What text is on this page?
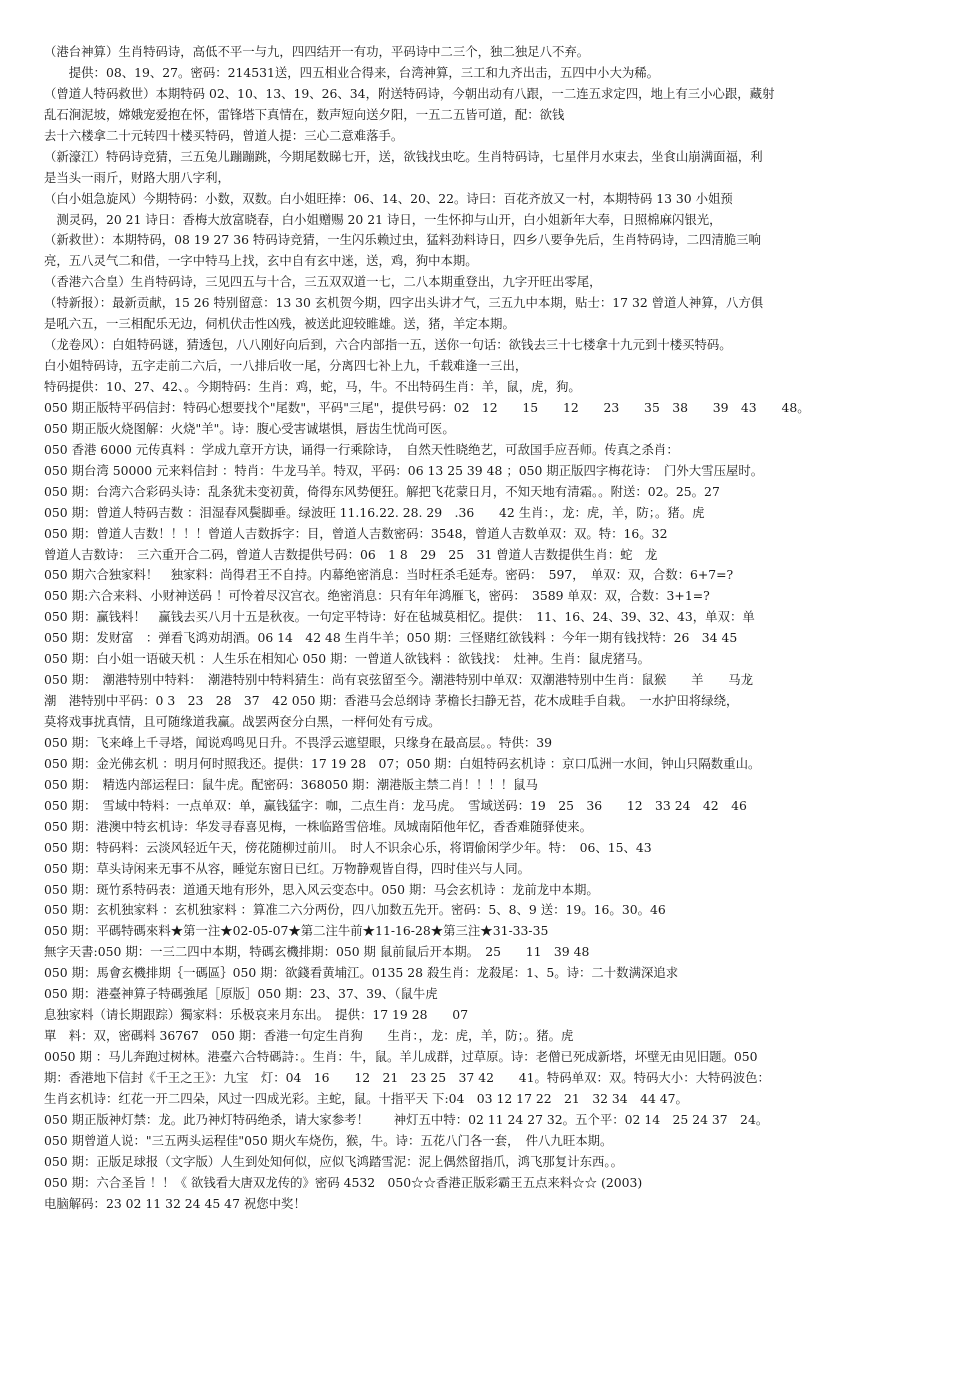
（港台神算）生肖特码诗，高低不平一与九，四四结开一有功，平码诗中二三个，独二独足八不弃。
　　提供：08、19、27。密码：214531送，四五相业合得来，台湾神算，三工和九齐出击，五四中小大为稀。
（曾道人特码救世）本期特码 02、10、13、19、26、34，附送特码诗，今朝出动有八跟，一二连五求定四，地上有三小心跟，藏射
乱石涧泥坡，嫦娥宠爱抱在怀，雷锋塔下真情在，数声短向送夕阳，一五二五皆可道，配：欲钱
去十六楼拿二十元转四十楼买特码，曾道人提：三心二意难落手。
（新濠江）特码诗竞猜，三五兔儿蹦蹦跳，今期尾数睇七开，送，欲钱找虫吃。生肖特码诗，七星伴月水束去，坐食山崩满面福，利
是当头一雨斤，财路大朋八字利，
（白小姐急旋风）今期特码：小数，双数。白小姐旺捧：06、14、20、22。诗曰：百花齐放又一村，本期特码 13 30 小姐预
　测灵码，20 21 诗日：香梅大放富晓春，白小姐赠赐 20 21 诗日，一生怀抑与山开，白小姐新年大奉，日照棉麻闪银光，
（新救世）：本期特码，08 19 27 36 特码诗竞猜，一生闪乐赖过虫，猛料劲料诗日，四乡八要争先后，生肖特码诗，二四清脆三响
亮，五八灵气二和借，一字中特马上找，玄中自有玄中迷，送，鸡，狗中本期。
（香港六合皇）生肖特码诗，三见四五与十合，三五双双道一七，二八本期重登出，九字开旺出零尾，
（特新报）：最新贡献，15 26 特别留意：13 30 玄机贺今期，四字出头讲才气，三五九中本期，贴士：17 32 曾道人神算，八方俱
是吼六五，一三相配乐无边，伺机伏击性凶残，被送此迎较睢雄。送，猪，羊定本期。
（龙卷风）：白姐特码谜，猜透包，八八刚好向后到，六合内部指一五，送你一句话：欲钱去三十七楼拿十九元到十楼买特码。
白小姐特码诗，五字走前二六后，一八排后收一尾，分离四七补上九，千载难逢一三出，
特码提供：10、27、42、。今期特码：生肖：鸡，蛇，马，牛。不出特码生肖：羊，鼠，虎，狗。
050 期正版特平码信封：特码心想要找个"尾数"，平码"三尾"，提供号码：02　12　　15　　12　　23　　35　38　　39　43　　48。
050 期正版火烧图解：火烧"羊"。诗：腹心受害诚堪惧，唇齿生忧尚可医。
050 香港 6000 元传真料 ：学成九章开方诀，诵得一行乘除诗，　自然天性晓绝艺，可敌国手应吾师。传真之杀肖：
050 期台湾 50000 元来料信封 ：特肖：牛龙马羊。特双，平码：06 13 25 39 48 ；050 期正版四字梅花诗：　门外大雪压屋时。
050 期：台湾六合彩码头诗：乱条犹未变初黄，倚得东风势便狂。解把飞花蒙日月，不知天地有清霜。。附送：02。25。27
050 期：曾道人特码吉数 ：泪湿春风鬓脚垂。绿波旺 11.16.22. 28. 29　.36　　42 生肖：，龙：虎，羊，防；。猪。虎
050 期：曾道人吉数！！！！曾道人吉数拆字：目，曾道人吉数密码：3548，曾道人吉数单双：双。特：16。32
曾道人吉数诗：　三六重开合二码，曾道人吉数提供号码：06　1 8　29　25　31 曾道人吉数提供生肖：蛇　龙
050 期六合独家料！　独家料：尚得君王不自持。内幕绝密消息：当时枉杀毛延寿。密码：　597，　单双：双，合数：6+7=?
050 期:六合来料、小财神送码 ！可怜着尽汉宫衣。绝密消息：只有年年鸿雁飞，密码：　3589 单双：双，合数：3+1=?
050 期：赢钱料！　赢钱去买八月十五是秋夜。一句定平特诗：好在毡城莫相忆。提供：　11、16、24、39、32、43，单双：单
050 期：发财富　：弹看飞鸿劝胡酒。06 14　42 48 生肖牛羊；050 期：三怪赌红欲钱料 ：今年一期有钱找特：26　34 45
050 期：白小姐一语破天机 ：人生乐在相知心 050 期：一曾道人欲钱料 ：欲钱找：　灶神。生肖：鼠虎猪马。
050 期：　潮港特别中特料：　潮港特别中特料猜生：尚有哀弦留至今。潮港特别中单双：双潮港特别中生肖：鼠猴　　羊　　马龙
潮　港特别中平码：0 3　23　28　37　42 050 期：香港马会总纲诗 茅檐长扫静无苔，花木成畦手自栽。　一水护田将绿绕，
莫将戏事扰真情，且可随缘道我赢。战罢两奁分白黑，一枰何处有亏成。
050 期：飞来峰上千寻塔，闻说鸡鸣见日升。不畏浮云遮望眼，只缘身在最高层。。特供：39
050 期：金光佛玄机 ：明月何时照我还。提供：17 19 28　07；050 期：白姐特码玄机诗 ：京口瓜洲一水间，钟山只隔数重山。
050 期：　精选内部运程曰：鼠牛虎。配密码：368050 期：潮港版主禁二肖！！！！鼠马
050 期：　雪域中特料：一点单双：单，赢钱猛字：咖，二点生肖：龙马虎。　雪域送码：19　25　36　　12　33 24　42　46
050 期：港澳中特玄机诗：华发寻春喜见梅，一株临路雪倍堆。凤城南陌他年忆，香香难随驿使来。
050 期：特码料：云淡风轻近午天，傍花随柳过前川。　时人不识余心乐，将谓偷闲学少年。特：　06、15、43
050 期：草头诗闲来无事不从容，睡觉东窗日已红。万物静观皆自得，四时佳兴与人同。
050 期：斑竹系特码表：道通天地有形外，思入风云变态中。050 期：马会玄机诗 ：龙前龙中本期。
050 期：玄机独家料 ：玄机独家料 ：算准二六分两份，四八加数五先开。密码：5、8、9 送：19。16。30。46
050 期：平碼特碼來料★第一注★02-05-07★第二注牛前★11-16-28★第三注★31-33-35
無字天書:050 期：一三二四中本期，特碼玄機排期：050 期 鼠前鼠后开本期。　25　　11　39 48
050 期：馬會玄機排期｛一碼區｝050 期：欲錢看黄埔江。0135 28 殺生肖：龙殺尾：1、5。诗：二十数满深追求
050 期：港臺神算子特碼強尾［原版］050 期：23、37、39、（鼠牛虎
息独家料（请长期跟踪）獨家料：乐极哀来月东出。　提供：17 19 28　　07
單　料：双，密碼料 36767　050 期：香港一句定生肖狗　　生肖：，龙：虎，羊，防；。猪。虎
0050 期 ：马儿奔跑过树林。港臺六合特碼詩：。生肖：牛，鼠。羊儿成群，过草原。诗：老僧已死成新塔，坏壁无由见旧题。050
期：香港地下信封《千王之王》：九宝　灯：04　16　　12　21　23 25　37 42　　41。特码单双：双。特码大小：大特码波色：
生肖玄机诗：红花一开二四朵，风过一四成光彩。主蛇，鼠。十指平天 下:04　03 12 17 22　21　32 34　44 47。
050 期正版神灯禁：龙。此乃神灯特码绝杀，请大家参考！　　神灯五中特：02 11 24 27 32。五个平：02 14　25 24 37　24。
050 期曾道人说："三五两头运程佳"050 期火车烧伤，猴，牛。诗：五花八门各一套，　件八九旺本期。
050 期：正版足球报（文字版）人生到处知何似，应似飞鸿踏雪泥：泥上偶然留指爪，鸿飞那复计东西。。
050 期：六合圣旨 ！！《 欲钱看大唐双龙传的》密码 4532　050☆☆香港正版彩霸王五点来料☆☆ (2003)
电脑解码：23 02 11 32 24 45 47 祝您中奖！
